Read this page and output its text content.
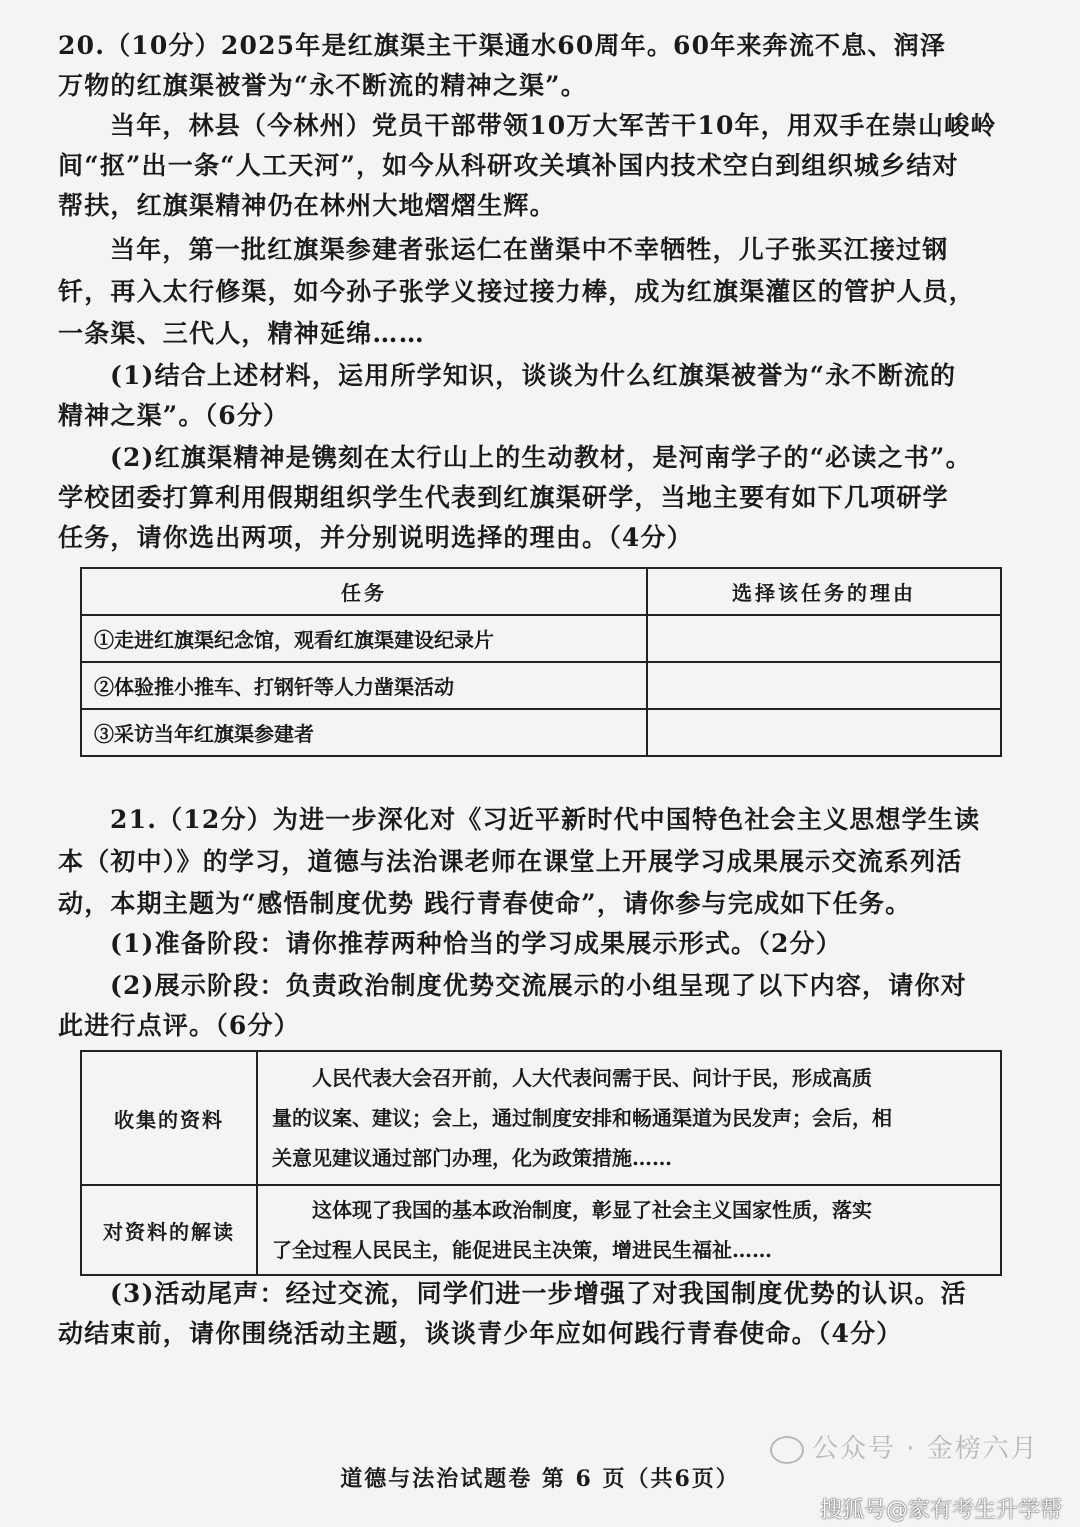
20.（10分）2025年是红旗渠主干渠通水60周年。60年来奔流不息、润泽
万物的红旗渠被誉为“永不断流的精神之渠”。
当年，林县（今林州）党员干部带领10万大军苦干10年，用双手在崇山峻岭
间“抠”出一条“人工天河”，如今从科研攻关填补国内技术空白到组织城乡结对
帮扶，红旗渠精神仍在林州大地熠熠生辉。
当年，第一批红旗渠参建者张运仁在凿渠中不幸牺牲，儿子张买江接过钢
钎，再入太行修渠，如今孙子张学义接过接力棒，成为红旗渠灌区的管护人员，
一条渠、三代人，精神延绵……
(1)结合上述材料，运用所学知识，谈谈为什么红旗渠被誉为“永不断流的
精神之渠”。（6分）
(2)红旗渠精神是镌刻在太行山上的生动教材，是河南学子的“必读之书”。
学校团委打算利用假期组织学生代表到红旗渠研学，当地主要有如下几项研学
任务，请你选出两项，并分别说明选择的理由。（4分）
任务	选择该任务的理由
①走进红旗渠纪念馆，观看红旗渠建设纪录片	
②体验推小推车、打钢钎等人力凿渠活动	
③采访当年红旗渠参建者	
21.（12分）为进一步深化对《习近平新时代中国特色社会主义思想学生读
本（初中）》的学习，道德与法治课老师在课堂上开展学习成果展示交流系列活
动，本期主题为“感悟制度优势 践行青春使命”，请你参与完成如下任务。
(1)准备阶段：请你推荐两种恰当的学习成果展示形式。（2分）
(2)展示阶段：负责政治制度优势交流展示的小组呈现了以下内容，请你对
此进行点评。（6分）
收集的资料	人民代表大会召开前，人大代表问需于民、问计于民，形成高质
量的议案、建议；会上，通过制度安排和畅通渠道为民发声；会后，相
关意见建议通过部门办理，化为政策措施……

对资料的解读	这体现了我国的基本政治制度，彰显了社会主义国家性质，落实
了全过程人民民主，能促进民主决策，增进民生福祉……
(3)活动尾声：经过交流，同学们进一步增强了对我国制度优势的认识。活
动结束前，请你围绕活动主题，谈谈青少年应如何践行青春使命。（4分）
道德与法治试题卷 第 6 页（共6页）
公众号 · 金榜六月
搜狐号@家有考生升学帮
